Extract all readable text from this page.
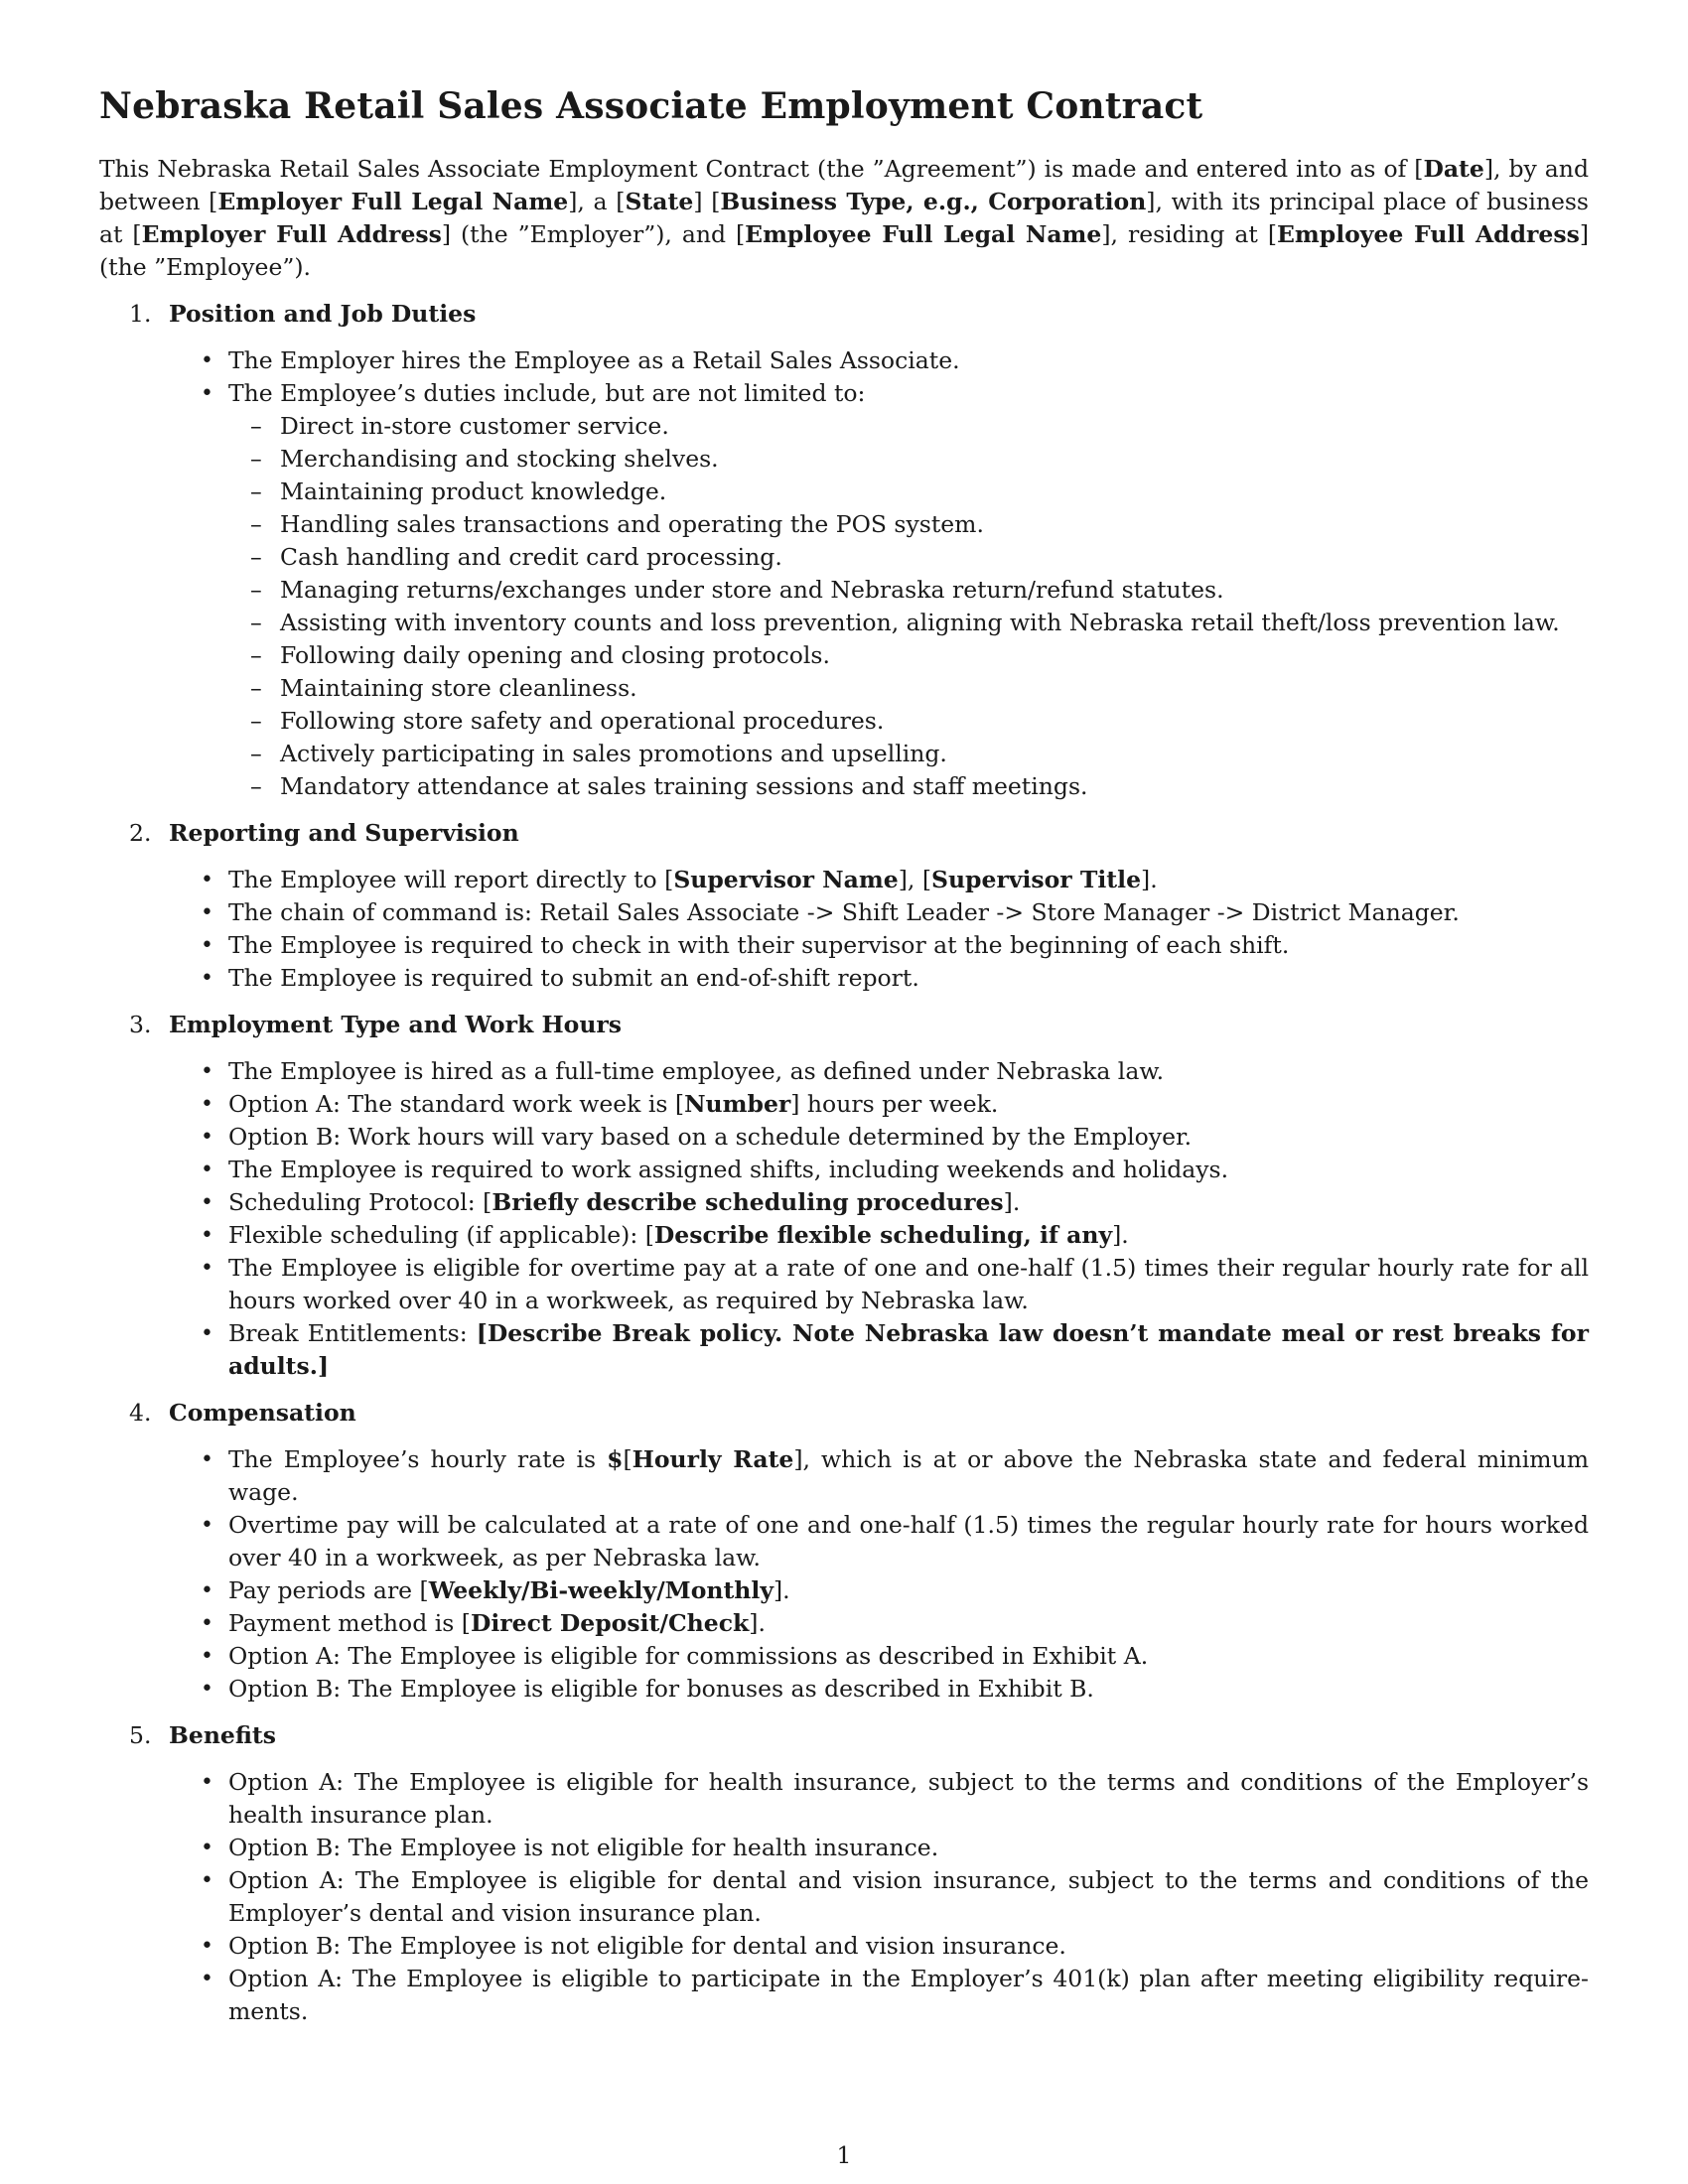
Nebraska Retail Sales Associate Employment Contract

This Nebraska Retail Sales Associate Employment Contract (the ”Agreement”) is made and entered into as of [Date], by and between [Employer Full Legal Name], a [State] [Business Type, e.g., Corporation], with its principal place of business at [Employer Full Address] (the ”Employer”), and [Employee Full Legal Name], residing at [Employee Full Address] (the ”Employee”).

1. Position and Job Duties
• The Employer hires the Employee as a Retail Sales Associate.
• The Employee’s duties include, but are not limited to:
– Direct in-store customer service.
– Merchandising and stocking shelves.
– Maintaining product knowledge.
– Handling sales transactions and operating the POS system.
– Cash handling and credit card processing.
– Managing returns/exchanges under store and Nebraska return/refund statutes.
– Assisting with inventory counts and loss prevention, aligning with Nebraska retail theft/loss prevention law.
– Following daily opening and closing protocols.
– Maintaining store cleanliness.
– Following store safety and operational procedures.
– Actively participating in sales promotions and upselling.
– Mandatory attendance at sales training sessions and staff meetings.
2. Reporting and Supervision
• The Employee will report directly to [Supervisor Name], [Supervisor Title].
• The chain of command is: Retail Sales Associate -> Shift Leader -> Store Manager -> District Manager.
• The Employee is required to check in with their supervisor at the beginning of each shift.
• The Employee is required to submit an end-of-shift report.
3. Employment Type and Work Hours
• The Employee is hired as a full-time employee, as defined under Nebraska law.
• Option A: The standard work week is [Number] hours per week.
• Option B: Work hours will vary based on a schedule determined by the Employer.
• The Employee is required to work assigned shifts, including weekends and holidays.
• Scheduling Protocol: [Briefly describe scheduling procedures].
• Flexible scheduling (if applicable): [Describe flexible scheduling, if any].
• The Employee is eligible for overtime pay at a rate of one and one-half (1.5) times their regular hourly rate for all hours worked over 40 in a workweek, as required by Nebraska law.
• Break Entitlements: [Describe Break policy. Note Nebraska law doesn’t mandate meal or rest breaks for adults.]
4. Compensation
• The Employee’s hourly rate is $[Hourly Rate], which is at or above the Nebraska state and federal minimum wage.
• Overtime pay will be calculated at a rate of one and one-half (1.5) times the regular hourly rate for hours worked over 40 in a workweek, as per Nebraska law.
• Pay periods are [Weekly/Bi-weekly/Monthly].
• Payment method is [Direct Deposit/Check].
• Option A: The Employee is eligible for commissions as described in Exhibit A.
• Option B: The Employee is eligible for bonuses as described in Exhibit B.
5. Benefits
• Option A: The Employee is eligible for health insurance, subject to the terms and conditions of the Employer’s health insurance plan.
• Option B: The Employee is not eligible for health insurance.
• Option A: The Employee is eligible for dental and vision insurance, subject to the terms and conditions of the Employer’s dental and vision insurance plan.
• Option B: The Employee is not eligible for dental and vision insurance.
• Option A: The Employee is eligible to participate in the Employer’s 401(k) plan after meeting eligibility require-ments.
1
